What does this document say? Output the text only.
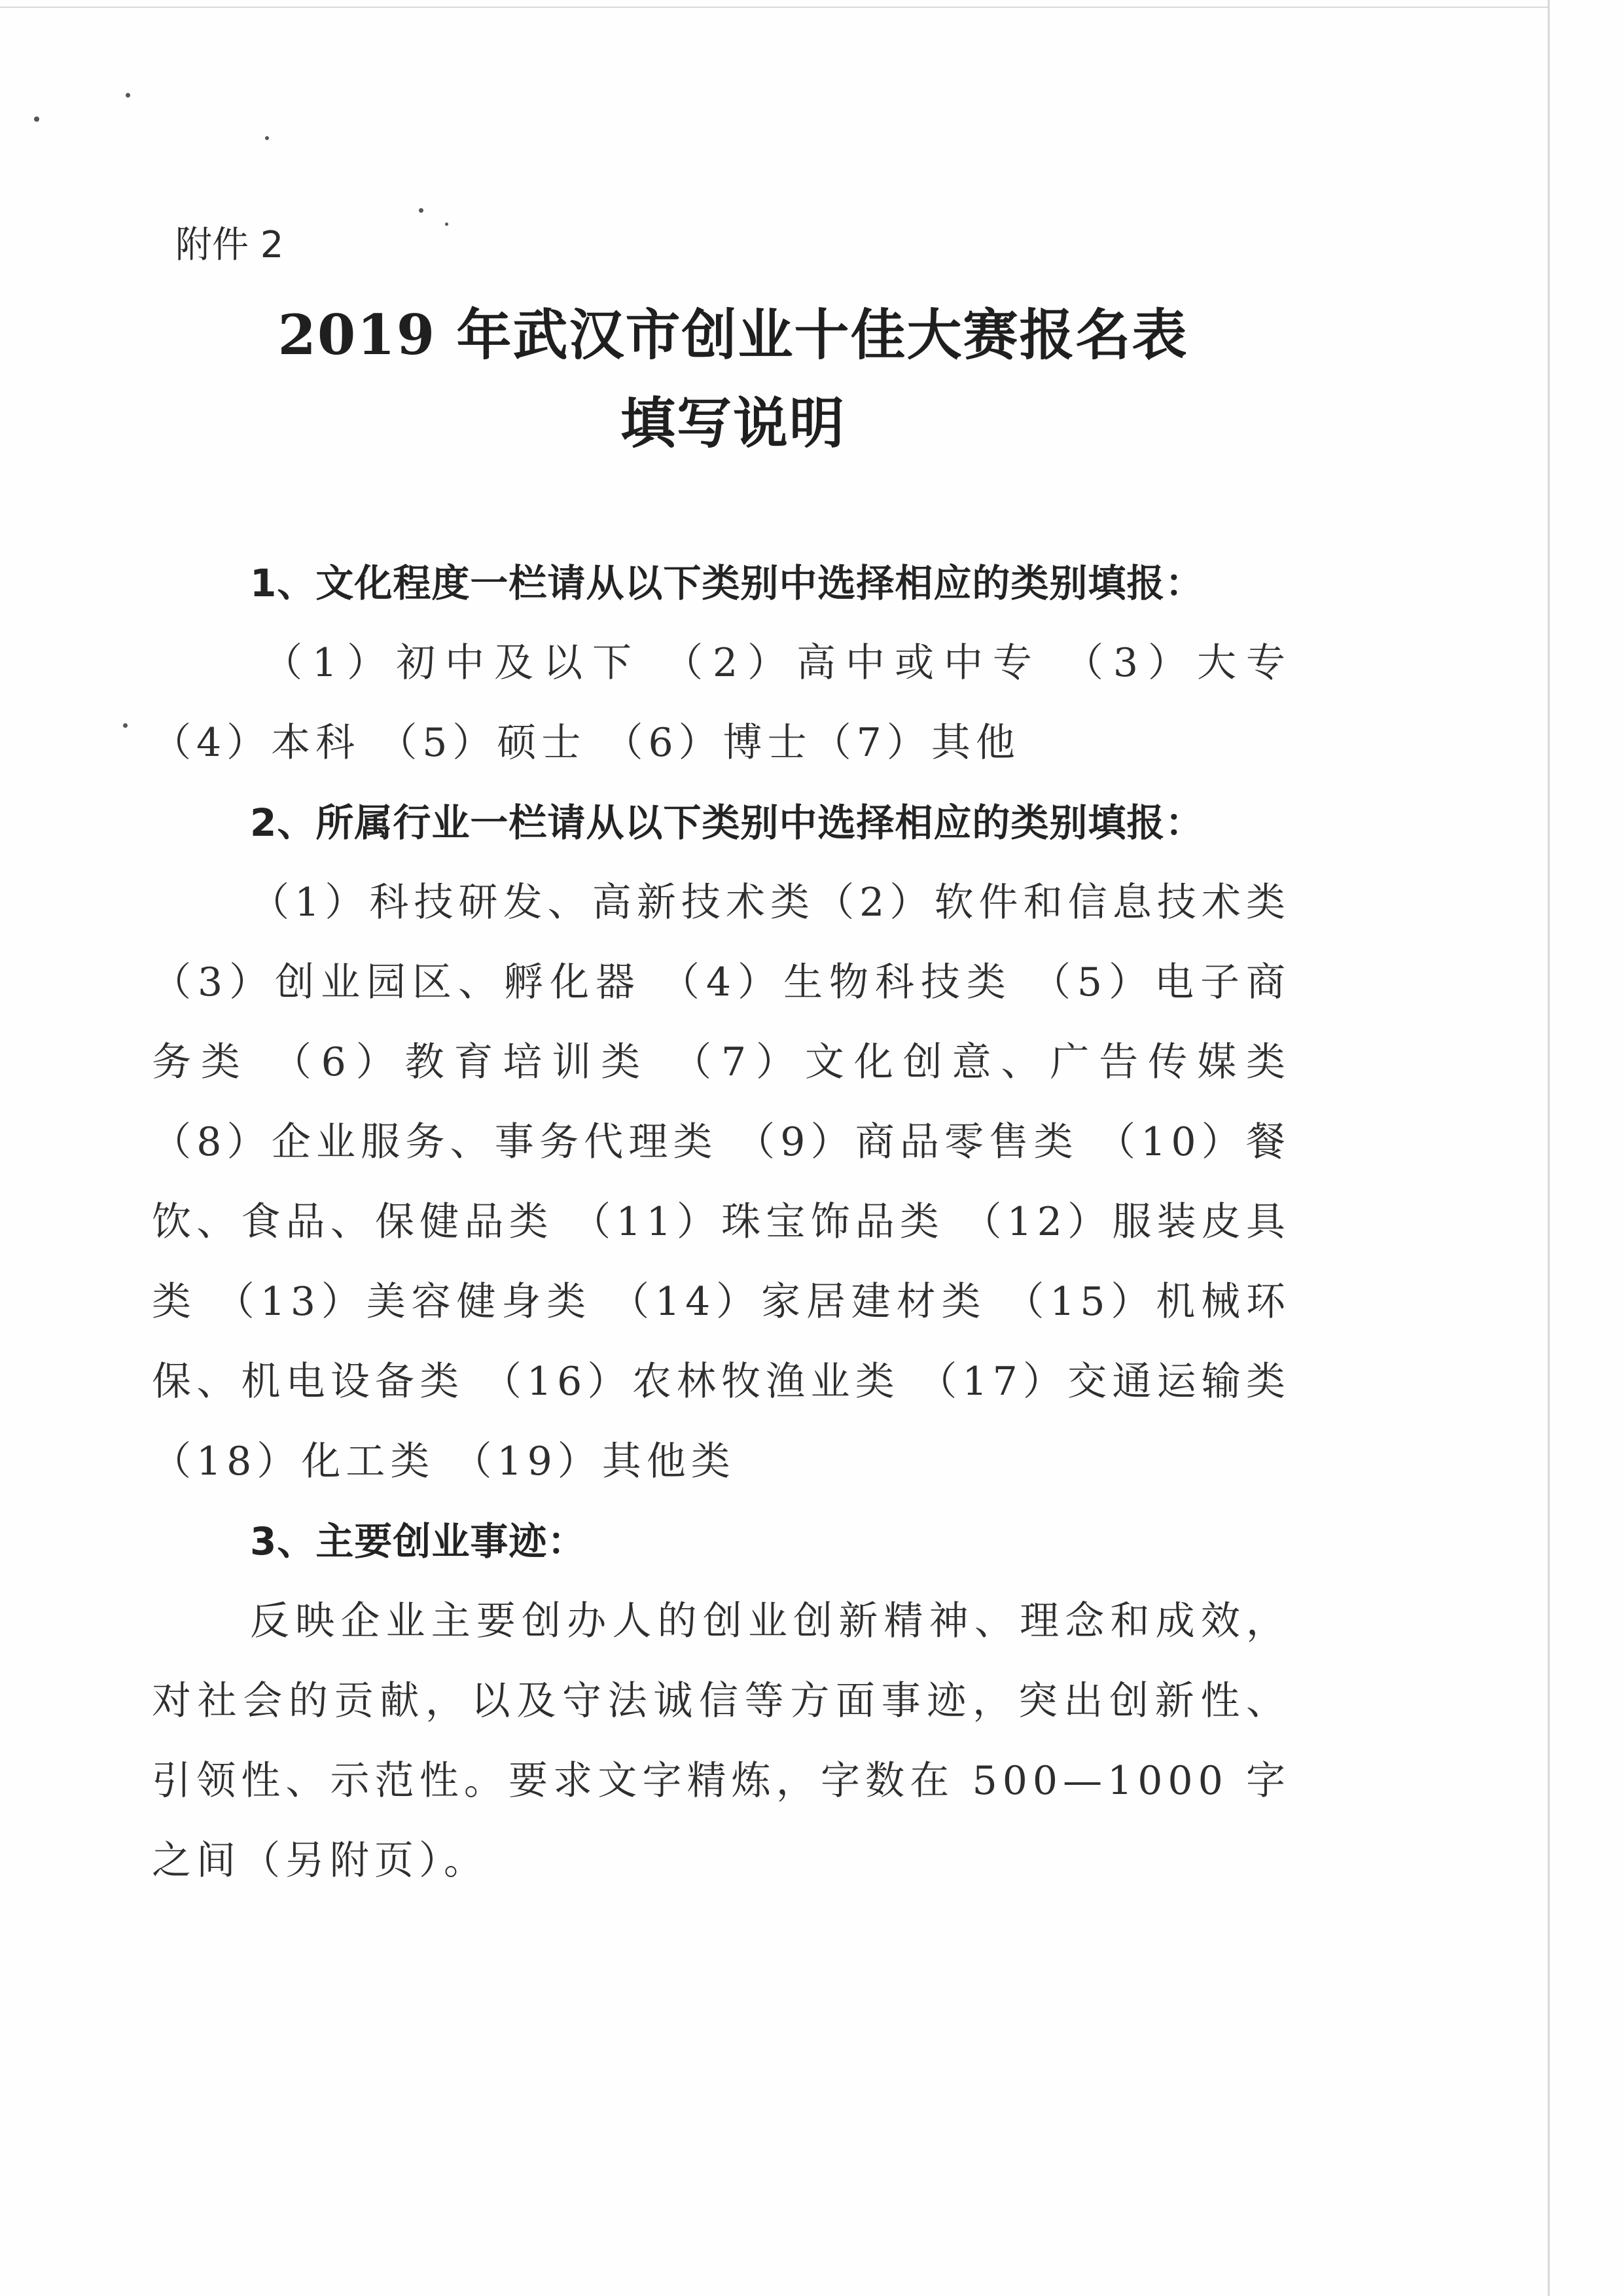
附件 2
2019 年武汉市创业十佳大赛报名表
填写说明
1、文化程度一栏请从以下类别中选择相应的类别填报：
（1）初中及以下 （2）高中或中专 （3）大专 （4）本科 （5）硕士 （6）博士（7）其他
2、所属行业一栏请从以下类别中选择相应的类别填报：
（1）科技研发、高新技术类（2）软件和信息技术类（3）创业园区、孵化器 （4）生物科技类 （5）电子商务类 （6）教育培训类 （7）文化创意、广告传媒类 （8）企业服务、事务代理类 （9）商品零售类 （10）餐饮、食品、保健品类 （11）珠宝饰品类 （12）服装皮具类 （13）美容健身类 （14）家居建材类 （15）机械环保、机电设备类 （16）农林牧渔业类 （17）交通运输类 （18）化工类 （19）其他类
3、主要创业事迹：
反映企业主要创办人的创业创新精神、理念和成效，对社会的贡献，以及守法诚信等方面事迹，突出创新性、引领性、示范性。要求文字精炼，字数在 500—1000 字之间（另附页）。
